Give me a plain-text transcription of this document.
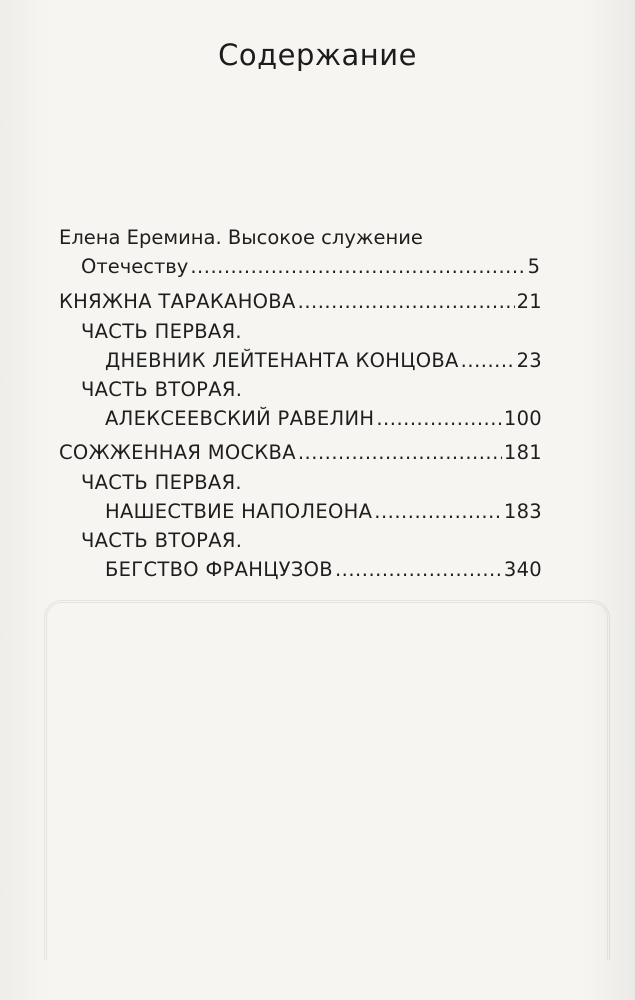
Содержание
Елена Еремина. Высокое служение
Отечеству .....	5
КНЯЖНА ТАРАКАНОВА .....	21
ЧАСТЬ ПЕРВАЯ.
ДНЕВНИК ЛЕЙТЕНАНТА КОНЦОВА .....	23
ЧАСТЬ ВТОРАЯ.
АЛЕКСЕЕВСКИЙ РАВЕЛИН .....	100
СОЖЖЕННАЯ МОСКВА .....	181
ЧАСТЬ ПЕРВАЯ.
НАШЕСТВИЕ НАПОЛЕОНА .....	183
ЧАСТЬ ВТОРАЯ.
БЕГСТВО ФРАНЦУЗОВ .....	340
